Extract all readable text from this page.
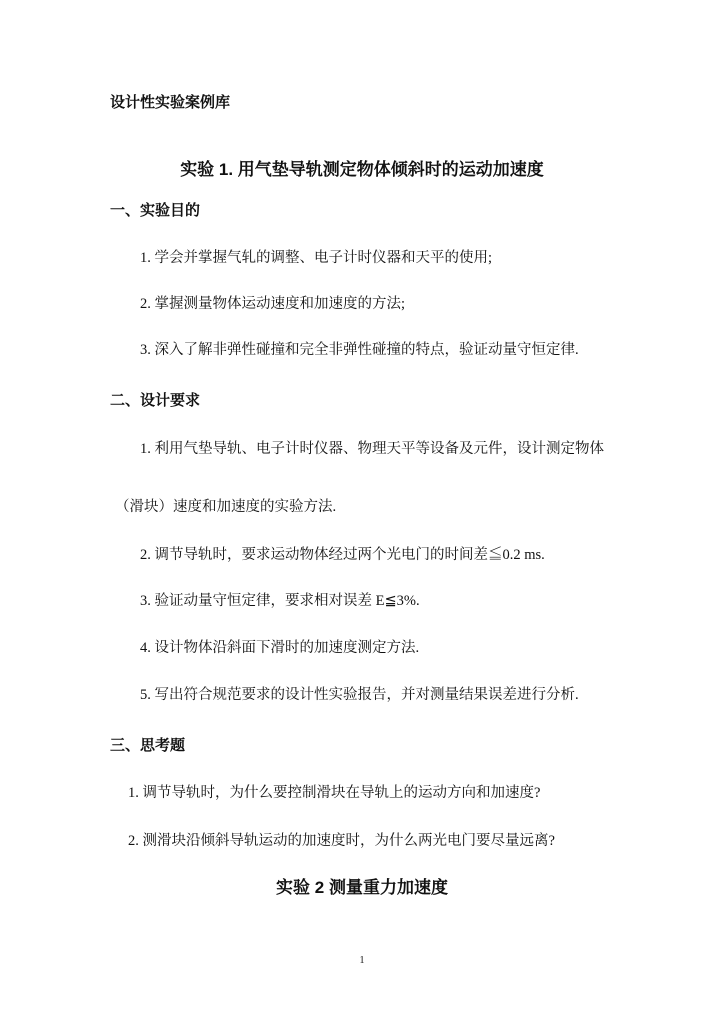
设计性实验案例库
实验 1. 用气垫导轨测定物体倾斜时的运动加速度
一、实验目的
1. 学会并掌握气轧的调整、电子计时仪器和天平的使用;
2. 掌握测量物体运动速度和加速度的方法;
3. 深入了解非弹性碰撞和完全非弹性碰撞的特点，验证动量守恒定律.
二、设计要求
1. 利用气垫导轨、电子计时仪器、物理天平等设备及元件，设计测定物体
（滑块）速度和加速度的实验方法.
2. 调节导轨时，要求运动物体经过两个光电门的时间差≦0.2 ms.
3. 验证动量守恒定律，要求相对误差 E≦3%.
4. 设计物体沿斜面下滑时的加速度测定方法.
5. 写出符合规范要求的设计性实验报告，并对测量结果误差进行分析.
三、思考题
1. 调节导轨时，为什么要控制滑块在导轨上的运动方向和加速度?
2. 测滑块沿倾斜导轨运动的加速度时，为什么两光电门要尽量远离?
实验 2 测量重力加速度
1
